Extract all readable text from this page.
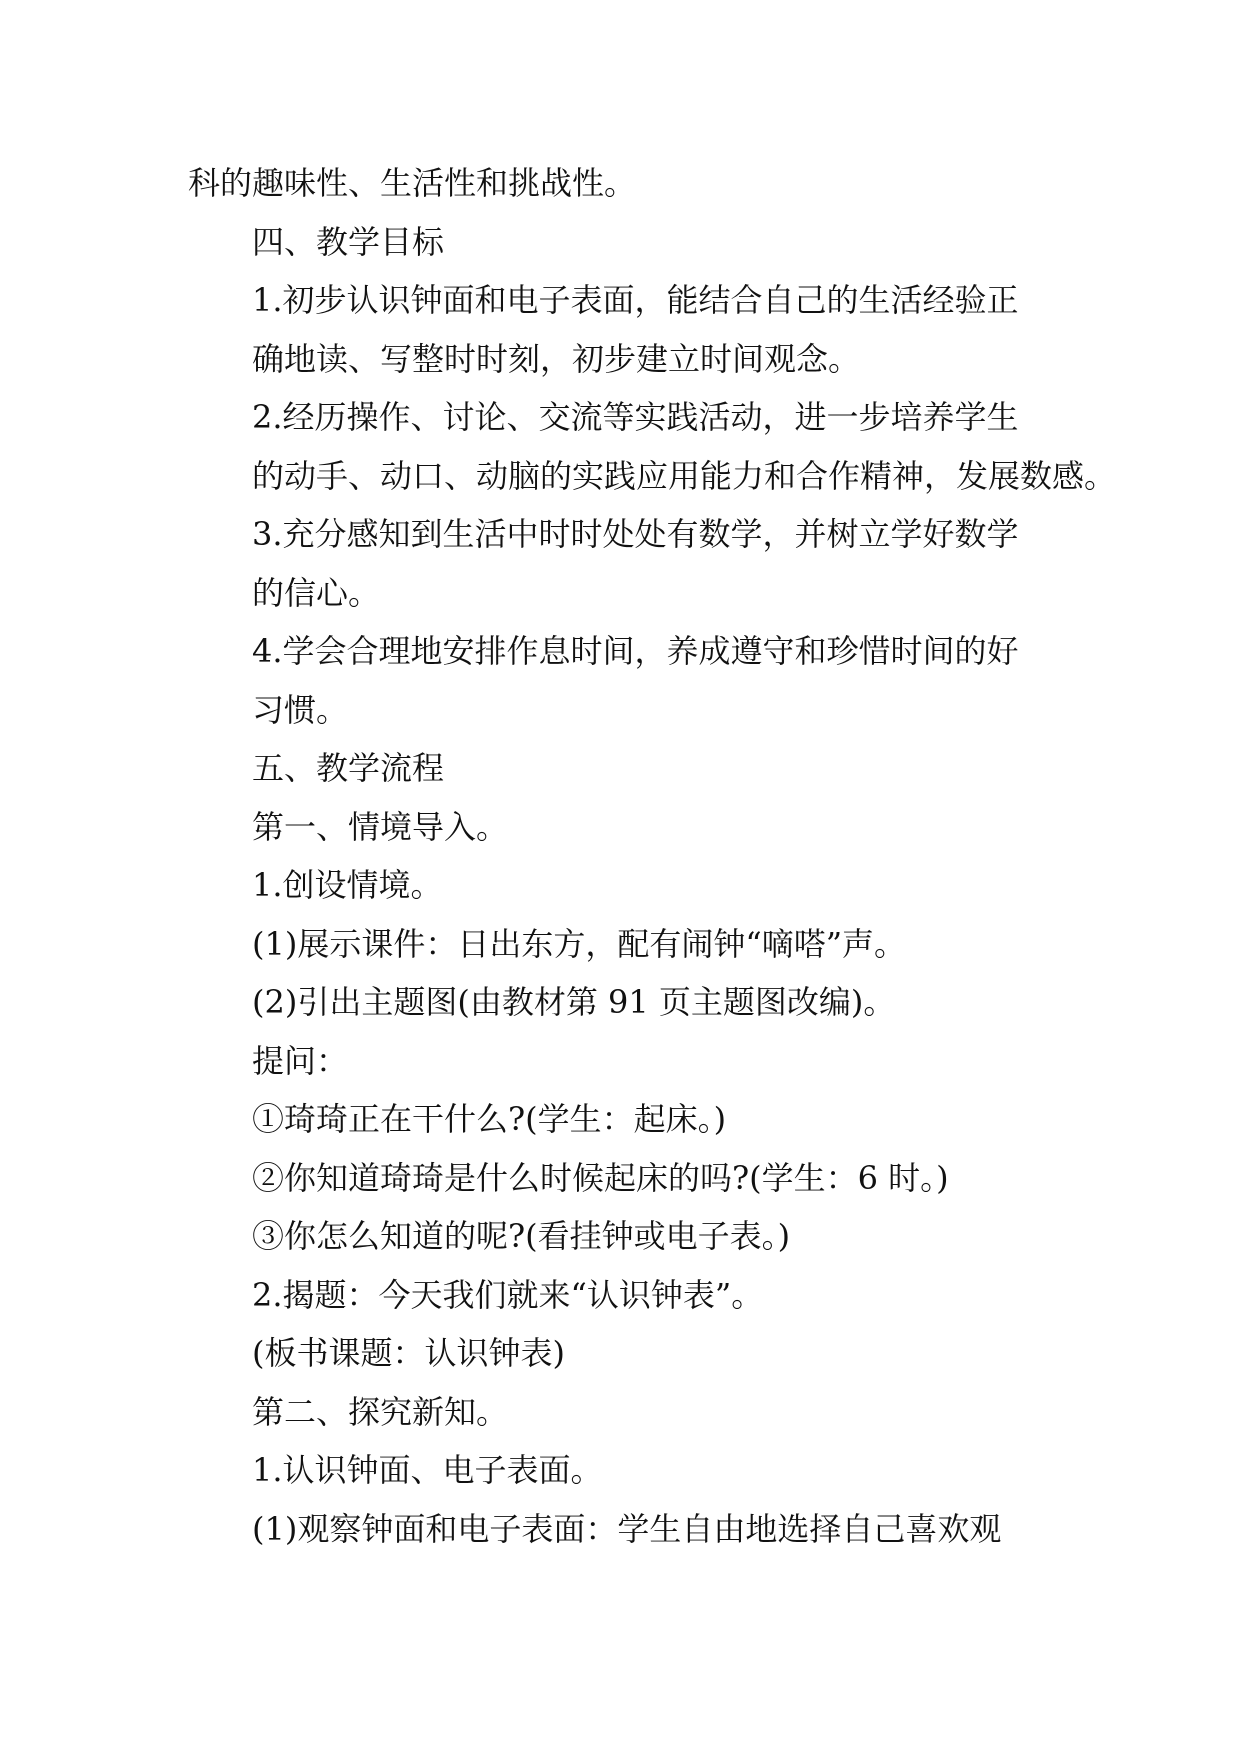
科的趣味性、生活性和挑战性。
四、教学目标
1.初步认识钟面和电子表面，能结合自己的生活经验正
确地读、写整时时刻，初步建立时间观念。
2.经历操作、讨论、交流等实践活动，进一步培养学生
的动手、动口、动脑的实践应用能力和合作精神，发展数感。
3.充分感知到生活中时时处处有数学，并树立学好数学
的信心。
4.学会合理地安排作息时间，养成遵守和珍惜时间的好
习惯。
五、教学流程
第一、情境导入。
1.创设情境。
(1)展示课件：日出东方，配有闹钟“嘀嗒”声。
(2)引出主题图(由教材第 91 页主题图改编)。
提问：
①琦琦正在干什么?(学生：起床。)
②你知道琦琦是什么时候起床的吗?(学生：6 时。)
③你怎么知道的呢?(看挂钟或电子表。)
2.揭题：今天我们就来“认识钟表”。
(板书课题：认识钟表)
第二、探究新知。
1.认识钟面、电子表面。
(1)观察钟面和电子表面：学生自由地选择自己喜欢观
